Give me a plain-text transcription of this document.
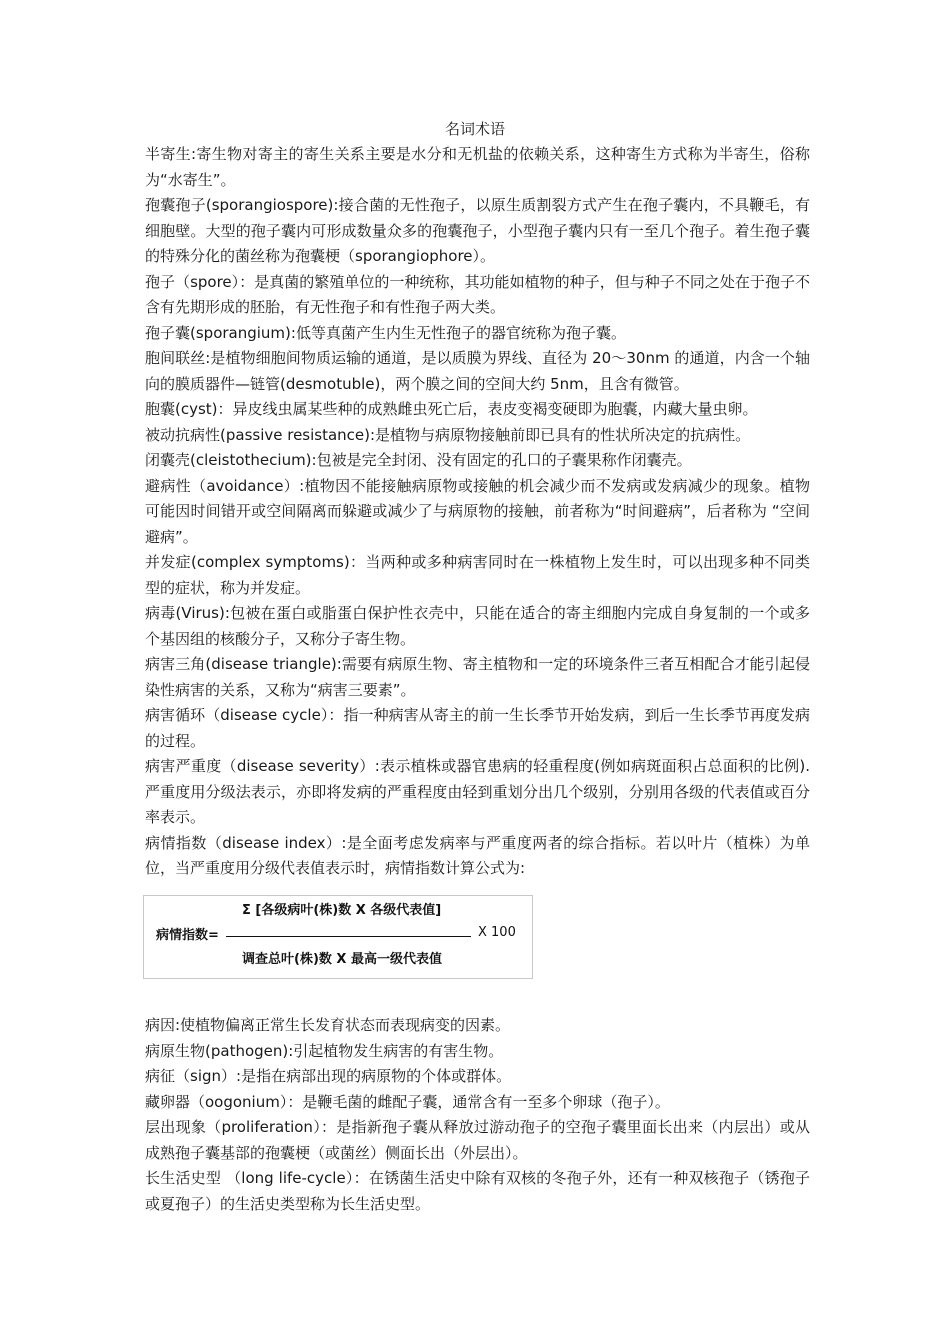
名词术语

半寄生:寄生物对寄主的寄生关系主要是水分和无机盐的依赖关系，这种寄生方式称为半寄生，俗称为“水寄生”。

孢囊孢子(sporangiospore):接合菌的无性孢子，以原生质割裂方式产生在孢子囊内，不具鞭毛，有细胞壁。大型的孢子囊内可形成数量众多的孢囊孢子，小型孢子囊内只有一至几个孢子。着生孢子囊的特殊分化的菌丝称为孢囊梗（sporangiophore）。

孢子（spore）：是真菌的繁殖单位的一种统称，其功能如植物的种子，但与种子不同之处在于孢子不含有先期形成的胚胎，有无性孢子和有性孢子两大类。

孢子囊(sporangium):低等真菌产生内生无性孢子的器官统称为孢子囊。

胞间联丝:是植物细胞间物质运输的通道，是以质膜为界线、直径为 20～30nm 的通道，内含一个轴向的膜质器件—链管(desmotuble)，两个膜之间的空间大约 5nm，且含有微管。

胞囊(cyst)：异皮线虫属某些种的成熟雌虫死亡后，表皮变褐变硬即为胞囊，内藏大量虫卵。

被动抗病性(passive resistance):是植物与病原物接触前即已具有的性状所决定的抗病性。

闭囊壳(cleistothecium):包被是完全封闭、没有固定的孔口的子囊果称作闭囊壳。

避病性（avoidance）:植物因不能接触病原物或接触的机会减少而不发病或发病减少的现象。植物可能因时间错开或空间隔离而躲避或减少了与病原物的接触，前者称为“时间避病”，后者称为 “空间避病”。

并发症(complex symptoms)：当两种或多种病害同时在一株植物上发生时，可以出现多种不同类型的症状，称为并发症。

病毒(Virus):包被在蛋白或脂蛋白保护性衣壳中，只能在适合的寄主细胞内完成自身复制的一个或多个基因组的核酸分子，又称分子寄生物。

病害三角(disease triangle):需要有病原生物、寄主植物和一定的环境条件三者互相配合才能引起侵染性病害的关系，又称为“病害三要素”。

病害循环（disease cycle）：指一种病害从寄主的前一生长季节开始发病，到后一生长季节再度发病的过程。

病害严重度（disease severity）:表示植株或器官患病的轻重程度(例如病斑面积占总面积的比例).严重度用分级法表示，亦即将发病的严重程度由轻到重划分出几个级别，分别用各级的代表值或百分率表示。

病情指数（disease index）:是全面考虑发病率与严重度两者的综合指标。若以叶片（植株）为单位，当严重度用分级代表值表示时，病情指数计算公式为:

Σ [各级病叶(株)数 X 各级代表值]
病情指数=	X 100
调查总叶(株)数 X 最高一级代表值

病因:使植物偏离正常生长发育状态而表现病变的因素。

病原生物(pathogen):引起植物发生病害的有害生物。

病征（sign）:是指在病部出现的病原物的个体或群体。

藏卵器（oogonium）：是鞭毛菌的雌配子囊，通常含有一至多个卵球（孢子）。

层出现象（proliferation）：是指新孢子囊从释放过游动孢子的空孢子囊里面长出来（内层出）或从成熟孢子囊基部的孢囊梗（或菌丝）侧面长出（外层出）。

长生活史型 （long life-cycle）：在锈菌生活史中除有双核的冬孢子外，还有一种双核孢子（锈孢子或夏孢子）的生活史类型称为长生活史型。
